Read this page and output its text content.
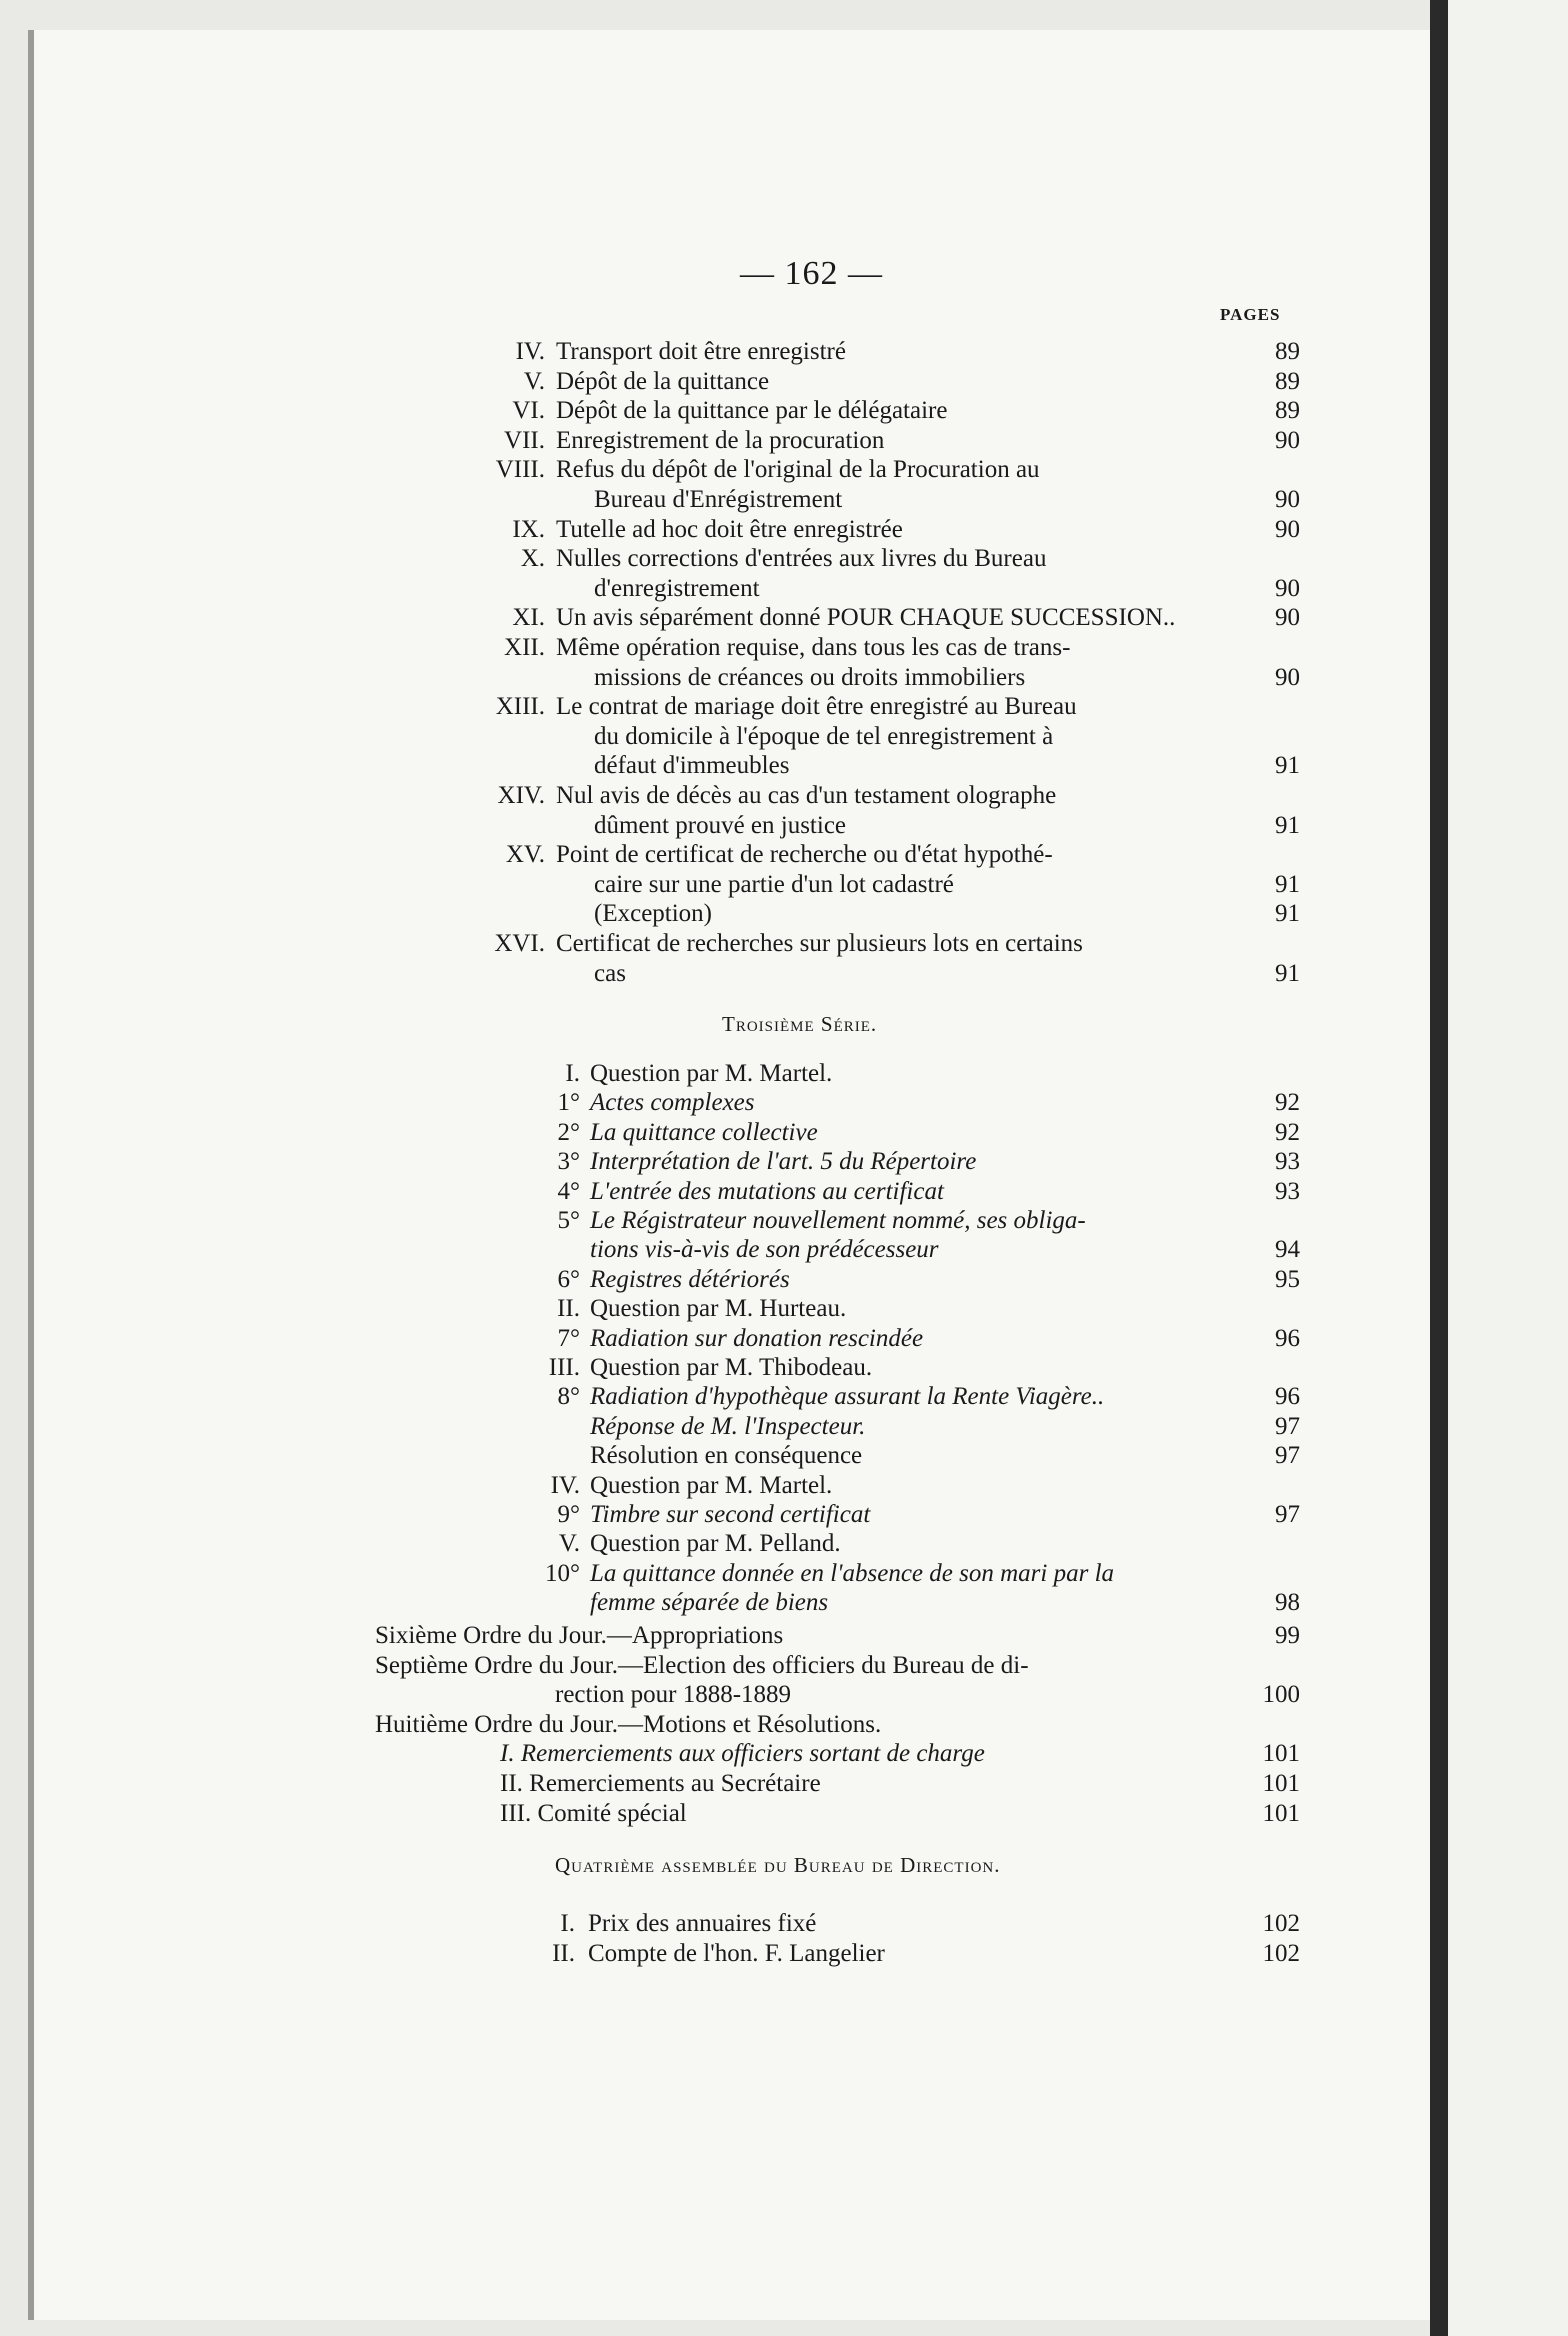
— 162 —
PAGES
IV. Transport doit être enregistré	89
V. Dépôt de la quittance	89
VI. Dépôt de la quittance par le délégataire	89
VII. Enregistrement de la procuration	90
VIII. Refus du dépôt de l'original de la Procuration au
Bureau d'Enrégistrement	90
IX. Tutelle ad hoc doit être enregistrée	90
X. Nulles corrections d'entrées aux livres du Bureau
d'enregistrement	90
XI. Un avis séparément donné POUR CHAQUE SUCCESSION..	90
XII. Même opération requise, dans tous les cas de trans-
missions de créances ou droits immobiliers	90
XIII. Le contrat de mariage doit être enregistré au Bureau
du domicile à l'époque de tel enregistrement à
défaut d'immeubles	91
XIV. Nul avis de décès au cas d'un testament olographe
dûment prouvé en justice	91
XV. Point de certificat de recherche ou d'état hypothé-
caire sur une partie d'un lot cadastré	91
(Exception)	91
XVI. Certificat de recherches sur plusieurs lots en certains
cas	91
Troisième Série.
I. Question par M. Martel.
1° Actes complexes	92
2° La quittance collective	92
3° Interprétation de l'art. 5 du Répertoire	93
4° L'entrée des mutations au certificat	93
5° Le Régistrateur nouvellement nommé, ses obliga-
tions vis-à-vis de son prédécesseur	94
6° Registres détériorés	95
II. Question par M. Hurteau.
7° Radiation sur donation rescindée	96
III. Question par M. Thibodeau.
8° Radiation d'hypothèque assurant la Rente Viagère..	96
Réponse de M. l'Inspecteur.	97
Résolution en conséquence	97
IV. Question par M. Martel.
9° Timbre sur second certificat	97
V. Question par M. Pelland.
10° La quittance donnée en l'absence de son mari par la
femme séparée de biens	98
Sixième Ordre du Jour.—Appropriations	99
Septième Ordre du Jour.—Election des officiers du Bureau de di-
rection pour 1888-1889	100
Huitième Ordre du Jour.—Motions et Résolutions.
I. Remerciements aux officiers sortant de charge	101
II. Remerciements au Secrétaire	101
III. Comité spécial	101
Quatrième assemblée du Bureau de Direction.
I. Prix des annuaires fixé	102
II. Compte de l'hon. F. Langelier	102
